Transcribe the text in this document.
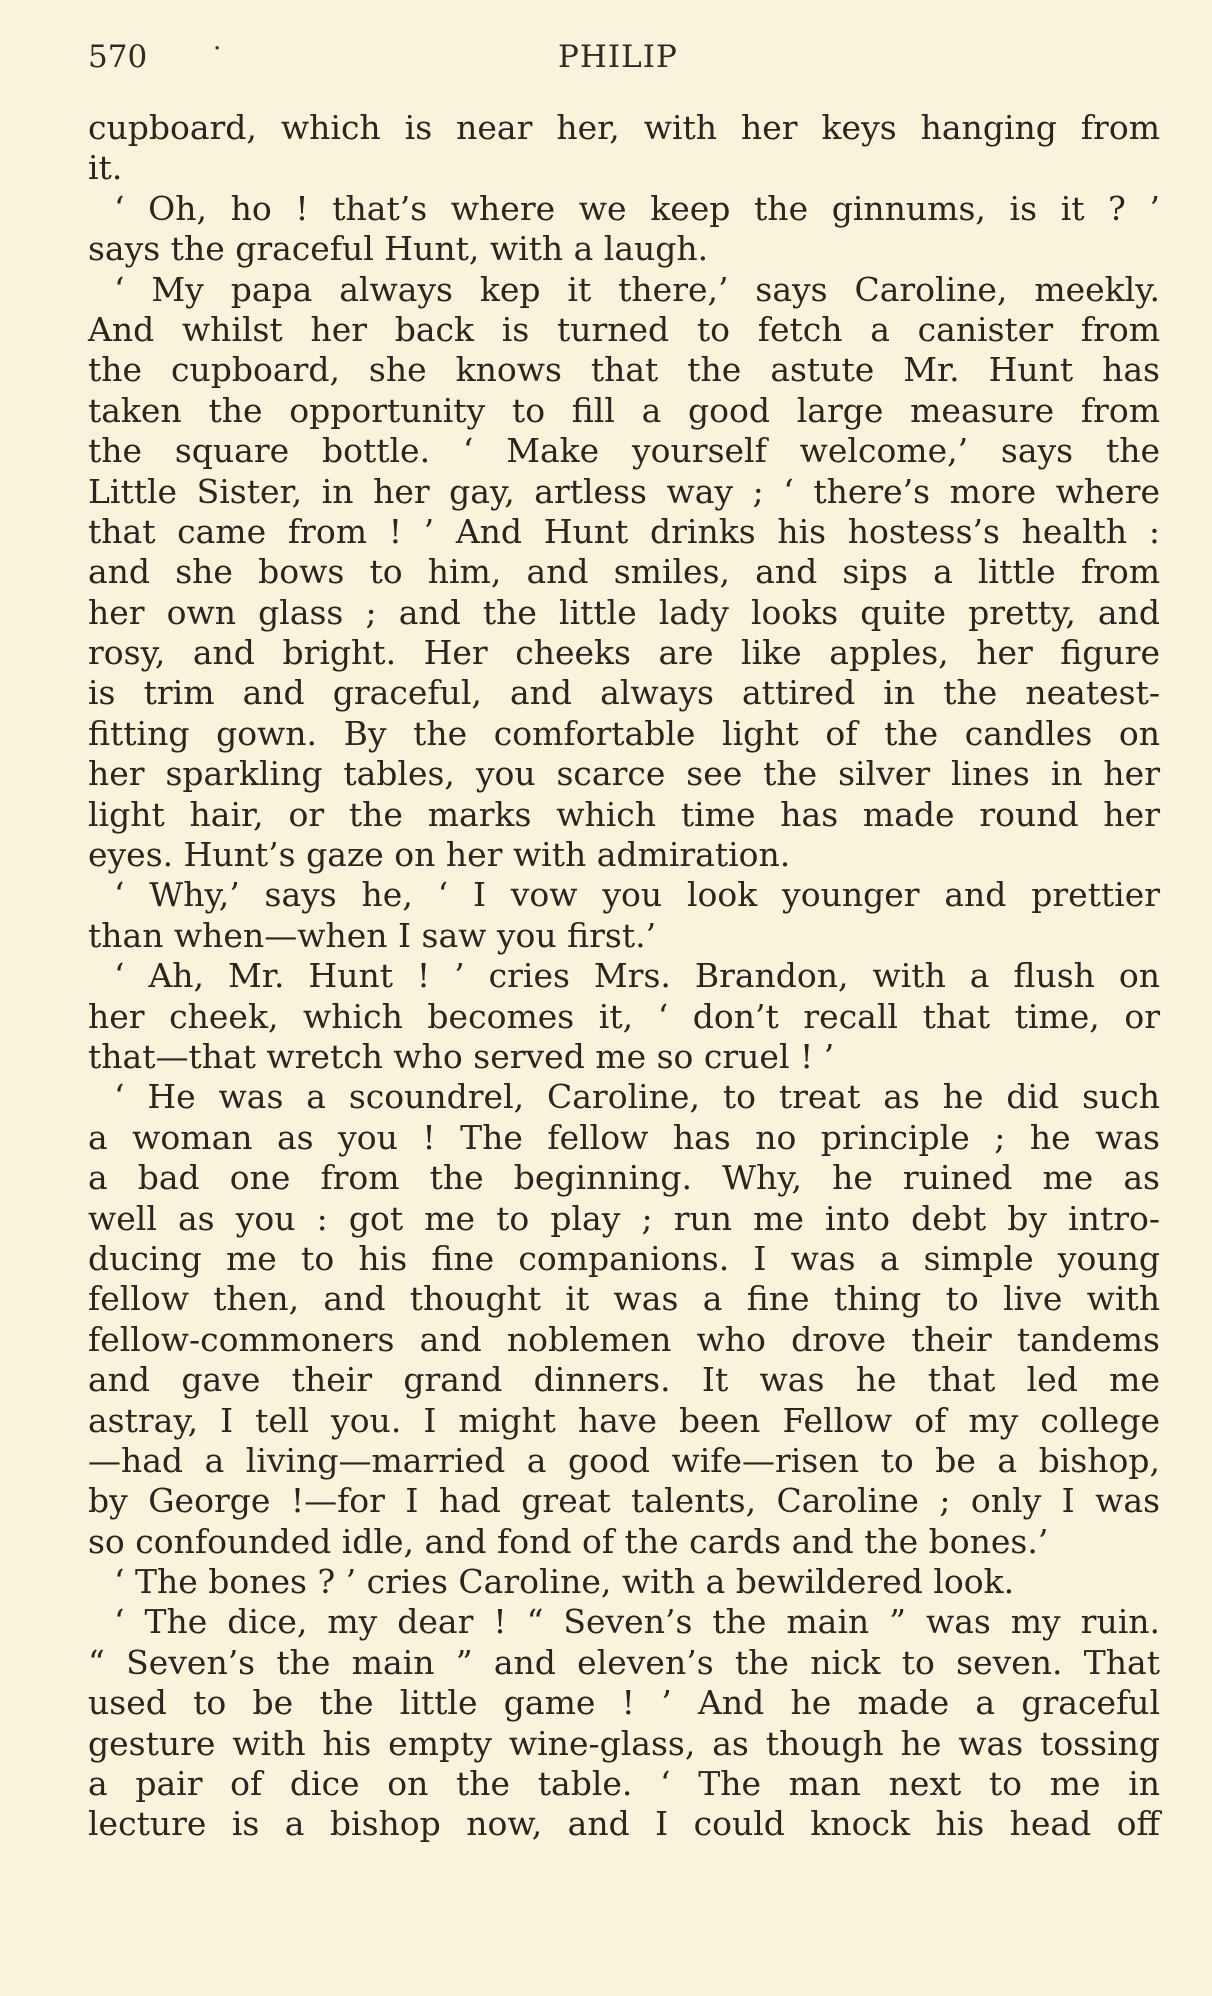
570	·	PHILIP
cupboard, which is near her, with her keys hanging from
it.
‘ Oh, ho ! that’s where we keep the ginnums, is it ? ’
says the graceful Hunt, with a laugh.
‘ My papa always kep it there,’ says Caroline, meekly.
And whilst her back is turned to fetch a canister from
the cupboard, she knows that the astute Mr. Hunt has
taken the opportunity to fill a good large measure from
the square bottle. ‘ Make yourself welcome,’ says the
Little Sister, in her gay, artless way ; ‘ there’s more where
that came from ! ’ And Hunt drinks his hostess’s health :
and she bows to him, and smiles, and sips a little from
her own glass ; and the little lady looks quite pretty, and
rosy, and bright. Her cheeks are like apples, her figure
is trim and graceful, and always attired in the neatest-
fitting gown. By the comfortable light of the candles on
her sparkling tables, you scarce see the silver lines in her
light hair, or the marks which time has made round her
eyes. Hunt’s gaze on her with admiration.
‘ Why,’ says he, ‘ I vow you look younger and prettier
than when—when I saw you first.’
‘ Ah, Mr. Hunt ! ’ cries Mrs. Brandon, with a flush on
her cheek, which becomes it, ‘ don’t recall that time, or
that—that wretch who served me so cruel ! ’
‘ He was a scoundrel, Caroline, to treat as he did such
a woman as you ! The fellow has no principle ; he was
a bad one from the beginning. Why, he ruined me as
well as you : got me to play ; run me into debt by intro-
ducing me to his fine companions. I was a simple young
fellow then, and thought it was a fine thing to live with
fellow-commoners and noblemen who drove their tandems
and gave their grand dinners. It was he that led me
astray, I tell you. I might have been Fellow of my college
—had a living—married a good wife—risen to be a bishop,
by George !—for I had great talents, Caroline ; only I was
so confounded idle, and fond of the cards and the bones.’
‘ The bones ? ’ cries Caroline, with a bewildered look.
‘ The dice, my dear ! “ Seven’s the main ” was my ruin.
“ Seven’s the main ” and eleven’s the nick to seven. That
used to be the little game ! ’ And he made a graceful
gesture with his empty wine-glass, as though he was tossing
a pair of dice on the table. ‘ The man next to me in
lecture is a bishop now, and I could knock his head off
